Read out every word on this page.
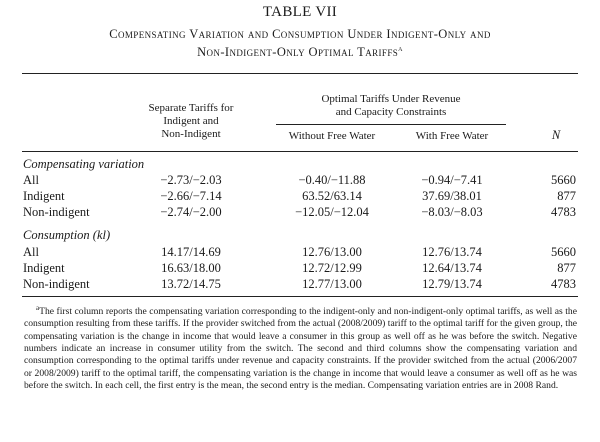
TABLE VII
Compensating Variation and Consumption Under Indigent-Only and
Non-Indigent-Only Optimal Tariffs$^a$
Separate Tariffs for
Indigent and
Non-Indigent
Optimal Tariffs Under Revenue
and Capacity Constraints
Without Free Water	With Free Water	N
Compensating variation
All	−2.73/−2.03	−0.40/−11.88	−0.94/−7.41	5660
Indigent	−2.66/−7.14	63.52/63.14	37.69/38.01	877
Non-indigent	−2.74/−2.00	−12.05/−12.04	−8.03/−8.03	4783
Consumption (kl)
All	14.17/14.69	12.76/13.00	12.76/13.74	5660
Indigent	16.63/18.00	12.72/12.99	12.64/13.74	877
Non-indigent	13.72/14.75	12.77/13.00	12.79/13.74	4783
$^a$The first column reports the compensating variation corresponding to the indigent-only and non-indigent-only optimal tariffs, as well as the consumption resulting from these tariffs. If the provider switched from the actual (2008/2009) tariff to the optimal tariff for the given group, the compensating variation is the change in income that would leave a consumer in this group as well off as he was before the switch. Negative numbers indicate an increase in consumer utility from the switch. The second and third columns show the compensating variation and consumption corresponding to the optimal tariffs under revenue and capacity constraints. If the provider switched from the actual (2006/2007 or 2008/2009) tariff to the optimal tariff, the compensating variation is the change in income that would leave a consumer as well off as he was before the switch. In each cell, the first entry is the mean, the second entry is the median. Compensating variation entries are in 2008 Rand.
